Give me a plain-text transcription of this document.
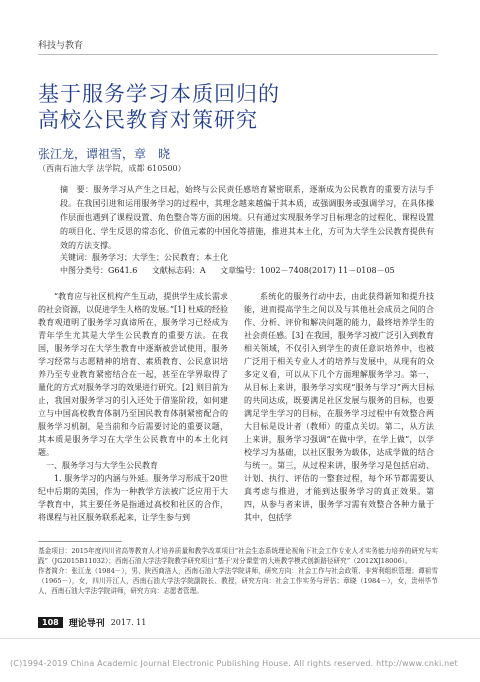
科技与教育
基于服务学习本质回归的
高校公民教育对策研究
张江龙，谭祖雪，章　晓
（西南石油大学 法学院，成都 610500）
摘　要：服务学习从产生之日起，始终与公民责任感培育紧密联系，逐渐成为公民教育的重要方法与手段。在我国引进和运用服务学习的过程中，其理念越来越偏于其本质，或强调服务或强调学习，在具体操作层面也遇到了课程设置、角色整合等方面的困境。只有通过实现服务学习目标理念的过程化、课程设置的项目化、学生反思的常态化、价值元素的中国化等措施，推进其本土化，方可为大学生公民教育提供有效的方法支撑。
关键词：服务学习；大学生；公民教育；本土化
中图分类号：G641.6 文献标志码：A 文章编号：1002－7408(2017) 11－0108－05

“教育应与社区机构产生互动，提供学生成长需求的社会资源，以促进学生人格的发展。”[1] 杜威的经验教育观道明了服务学习真谛所在，服务学习已经成为青年学生尤其是大学生公民教育的重要方法。在我国，服务学习在大学生教育中逐渐被尝试使用，服务学习经常与志愿精神的培育、素质教育、公民意识培养乃至专业教育紧密结合在一起，甚至在学界取得了量化的方式对服务学习的效果进行研究。[2] 则目前为止，我国对服务学习的引入还处于借鉴阶段，如何建立与中国高校教育体制乃至国民教育体制紧密配合的服务学习机制，是当前和今后需要讨论的重要议题，其本质是服务学习在大学生公民教育中的本土化问题。

一、服务学习与大学生公民教育

1. 服务学习的内涵与外延。服务学习形成于20世纪中后期的美国，作为一种教学方法被广泛应用于大学教育中，其主要任务是指通过高校和社区的合作，将课程与社区服务联系起来，让学生参与到

系统化的服务行动中去，由此获得新知和提升技能，进而提高学生之间以及与其他社会成员之间的合作、分析、评价和解决问题的能力，最终培养学生的社会责任感。[3] 在我国，服务学习被广泛引入到教育相关领域，不仅引入到学生的责任意识培养中，也被广泛用于相关专业人才的培养与发展中，从现有的众多定义看，可以从下几个方面理解服务学习。第一，从目标上来讲，服务学习实现“服务与学习”两大目标的共同达成，既要满足社区发展与服务的目标，也要满足学生学习的目标，在服务学习过程中有效整合两大目标是设计者（教师）的重点关切。第二，从方法上来讲，服务学习强调“在做中学，在学上做”，以学校学习为基础，以社区服务为载体，达成学做的结合与统一。第三，从过程来讲，服务学习是包括启动、计划、执行、评估的一整套过程，每个环节都需要认真考虑与推进，才能到达服务学习的真正效果。第四，从参与者来讲，服务学习需有效整合各种力量于其中，包括学

基金项目：2015年度四川省高等教育人才培养质量和教学改革项目“社会生态系统理论视角下社会工作专业人才实务能力培养的研究与实践”（JG2015B11032）；西南石油大学法学院教学研究项目“基于‘对分课堂’的大班教学模式创新路径研究”（2012XJ18006）。
作者简介：张江龙（1984－），男，陕西商洛人，西南石油大学法学院讲师，研究方向：社会工作与社会政策、非营利组织管理；谭祖雪（1965－），女，四川开江人，西南石油大学法学院副院长、教授，研究方向：社会工作实务与评估；章晓（1984－），女，贵州毕节人，西南石油大学法学院讲师，研究方向：志愿者管理。
108	理论导刊 2017. 11
(C)1994-2019 China Academic Journal Electronic Publishing House. All rights reserved. http://www.cnki.net
